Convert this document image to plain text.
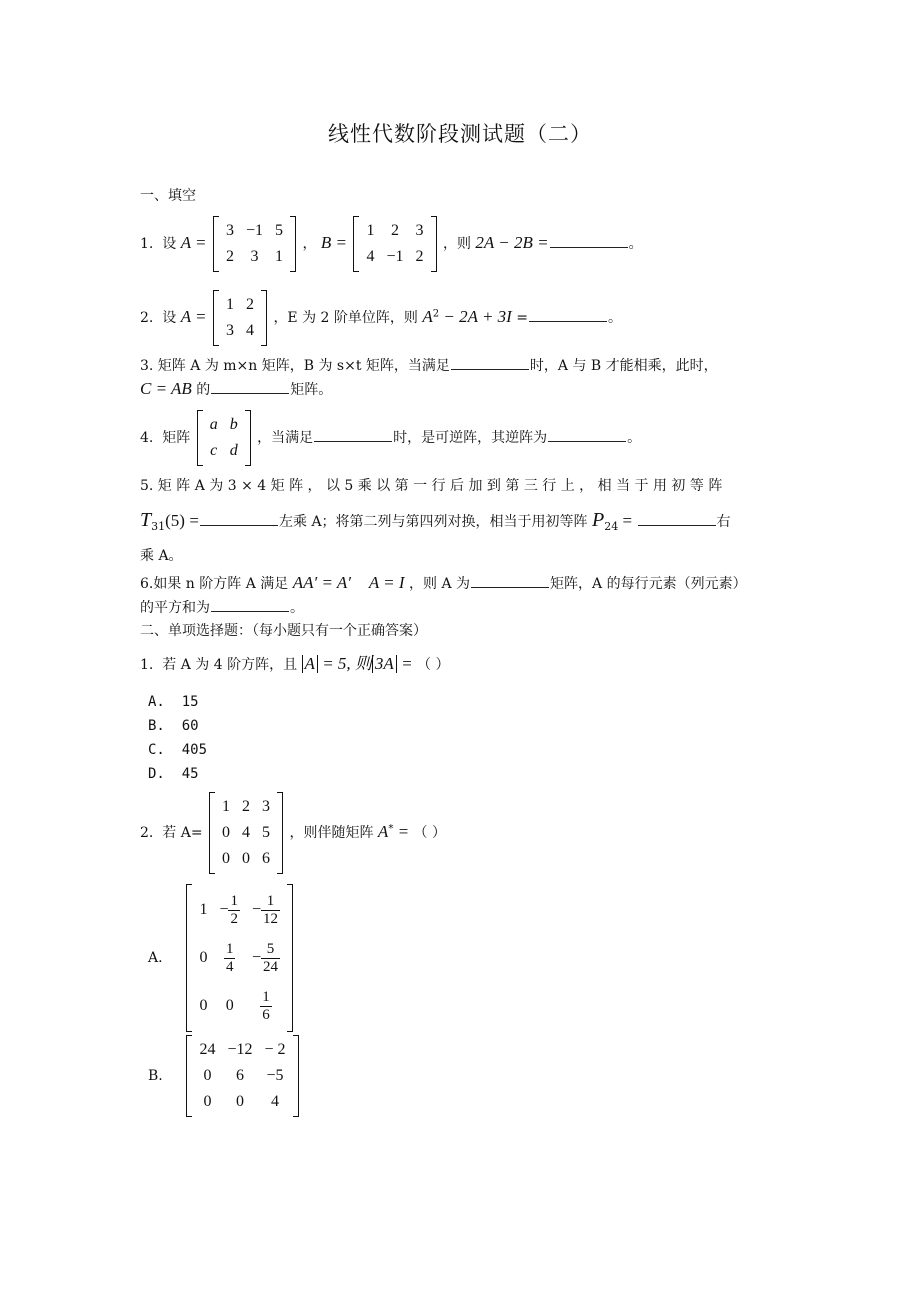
线性代数阶段测试题（二）
一、填空
1. 设 A =
3	−1	5
2	3	1
， B =
1	2	3
4	−1	2
，则 2A − 2B =	。
2. 设 A =
1	2
3	4
，E 为 2 阶单位阵，则 $A^2 - 2A + 3I$ =	。
3. 矩阵 A 为 m×n 矩阵，B 为 s×t 矩阵，当满足	时，A 与 B 才能相乘，此时，
C = AB 的	矩阵。
4. 矩阵
a	b
c	d
，当满足	时，是可逆阵，其逆阵为	。
5. 矩 阵 A 为 3 × 4 矩 阵 ， 以 5 乘 以 第 一 行 后 加 到 第 三 行 上 ， 相 当 于 用 初 等 阵
$T_{31}(5)$ =	左乘 A；将第二列与第四列对换，相当于用初等阵 $P_{24}$ =	右
乘 A。
6.如果 n 阶方阵 A 满足 AA′ = A′ A = I ，则 A 为	矩阵，A 的每行元素（列元素）
的平方和为	。
二、单项选择题：（每小题只有一个正确答案）
1. 若 A 为 4 阶方阵，且 A = 5, 则 3A = （ ）
A. 15
B. 60
C. 405
D. 45
2. 若 A=
1	2	3
0	4	5
0	0	6
，则伴随矩阵 A* = （ ）
A.
1	− $\frac{1}{2}$	− $\frac{1}{12}$

0	$\frac{1}{4}$	− $\frac{5}{24}$

0	0	$\frac{1}{6}$
B.
24	−12	− 2
0	6	−5
0	0	4
